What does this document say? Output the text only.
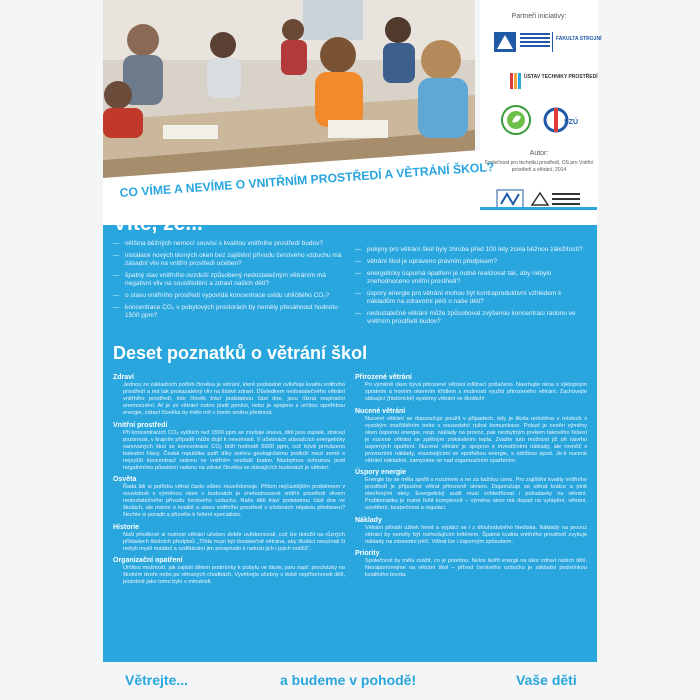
Partneři iniciativy:
FAKULTA STROJNÍ
ÚSTAV TECHNIKY PROSTŘEDÍ
SZÚ
Autor:
Společnost pro techniku prostředí, OS pro Vnitřní prostředí a větrání, 2014
CO VÍME A NEVÍME O VNITŘNÍM PROSTŘEDÍ A VĚTRÁNÍ ŠKOL?
Víte, že...
— většina běžných nemocí souvisí s kvalitou vnitřního prostředí budov?
— instalace nových těsných oken bez zajištění přívodu čerstvého vzduchu má zásadní vliv na vnitřní prostředí učeben?
— špatný stav vnitřního ovzduší způsobený nedostatečným větráním má negativní vliv na soustředění a zdraví našich dětí?
— o stavu vnitřního prostředí vypovídá koncentrace oxidu uhličitého CO₂?
— koncentrace CO₂ v pobytových prostorách by neměly přesáhnout hodnotu 1500 ppm?
— pokyny pro větrání škol byly zhruba před 100 lety zcela běžnou záležitostí?
— větrání škol je upraveno právním předpisem?
— energeticky úsporná opatření je nutné realizovat tak, aby nebylo znehodnoceno vnitřní prostředí?
— úspory energie pro větrání mohou být kontraproduktivní vzhledem k nákladům na zdravotní péči o naše děti?
— nedostatečné větrání může způsobovat zvýšenou koncentraci radonu ve vnitřním prostředí budov?
Deset poznatků o větrání škol
Zdraví
Jednou ze základních potřeb člověka je větrání, které podstatně ovlivňuje kvalitu vnitřního prostředí a má tak prokazatelný vliv na lidské zdraví. Důsledkem nedostatečného větrání vnitřního prostředí, kde člověk tráví podstatnou část dne, jsou různá respirační onemocnění. Ať je ze větrání nutno platit penězi, nebo je spojeno s určitou spotřebou energie, zdraví člověka by mělo mít v tomto směru přednost.
Vnitřní prostředí
Při koncentracích CO₂ vyšších než 1500 ppm se zvyšuje únava, děti jsou ospalé, ztrácejí pozornost, v krajním případě může dojít k nevolnosti. V učebnách stávajících energeticky sanovaných škol se koncentrace CO₂ blíží hodnotě 5000 ppm, což bývá provázeno bolestmi hlavy. Česká republika patří díky svému geologickému podloží mezi země s nejvyšší koncentrací radonu ve vnitřním ovzduší budov. Nezbytnou ochranou proti negativnímu působení radonu na zdraví člověka ve stávajících budovách je větrání.
Osvěta
Řada lidí si potřebu větrat často vůbec neuvědomuje. Přitom nejčastějším problémem v souvislosti s výměnou oken v budovách je znehodnocené vnitřní prostředí vlivem nedostatečného přívodu čerstvého vzduchu. Naše děti tráví podstatnou část dne ve školách, ale máme o kvalitě a stavu vnitřního prostředí v učebnách nějakou představu? Nechte si poradit a přizvěte k řešení specialistu.
Historie
Naši předkové si nutnost větrání učeben dobře uvědomovali, což lze doložit na různých příkladech školních předpisů: „Třída musí být dostatečně větrána, aby školáci neusínali či nebyli myslí malátní a vzdělávání jim prospívalo k radosti jich i jejich rodičů“.
Organizační opatření
Určitou možností, jak zajistit dětem podmínky k pobytu ve škole, jsou např. procházky na školním dvoře nebo po větraných chodbách. Vyvětrejte učebny v době nepřítomnosti dětí, podobně jako tomu bylo v minulosti.
Přirozené větrání
Po výměně oken bývá přirozené větrání infiltrací potlačeno. Navrhujte okna s výklopným spodním a horním okenním křídlem s možností využití přirozeného větrání. Zachovejte stávající (historické) systémy větrání ve školách!
Nucené větrání
Nucené větrání se doporučuje použít v případech, kdy je škola umístěna v místech s vysokým znečištěním nebo v sousedství rušné komunikace. Pokud je ceněn výměny oken úsporou energie, resp. náklady na provoz, pak nezbytným prvkem takového řešení je nucené větrání se zpětným získáváním tepla. Zvažte tuto možnost již při návrhu úsporných opatření. Nucené větrání je spojeno s investičními náklady, ale rovněž s provozními náklady, souvisejícími se spotřebou energie, s údržbou apod. Je-li nucené větrání nákladné, zamyslete se nad organizačním opatřením.
Úspory energie
Energie by se měla spořit s rozumem a ne za každou cenu. Pro zajištění kvality vnitřního prostředí je přípustné větrat přirozeně oknem. Doporučuje se větrat krátce a plně otevřenými okny. Energetický audit musí zohledňovat i požadavky na větrání. Problematiku je nutné řešit komplexně – výměna oken má dopad na vytápění, větrání, osvětlení, bezpečnost a regulaci.
Náklady
Větrání přináší užitek hned a vyplácí se i z dlouhodobého hlediska. Náklady na provoz větrání by neměly být rozhodujícím kritériem. Špatná kvalita vnitřního prostředí zvyšuje náklady na zdravotní péči. Větrat lze i úsporným způsobem.
Priority
Společnost by měla zvážit, co je prioritou. Nelze šetřit energii na úkor zdraví našich dětí. Nezapomínejme na větrání škol – přívod čerstvého vzduchu je základní podmínkou kvalitního bivota.
Větrejte...	a budeme v pohodě!	Vaše děti
